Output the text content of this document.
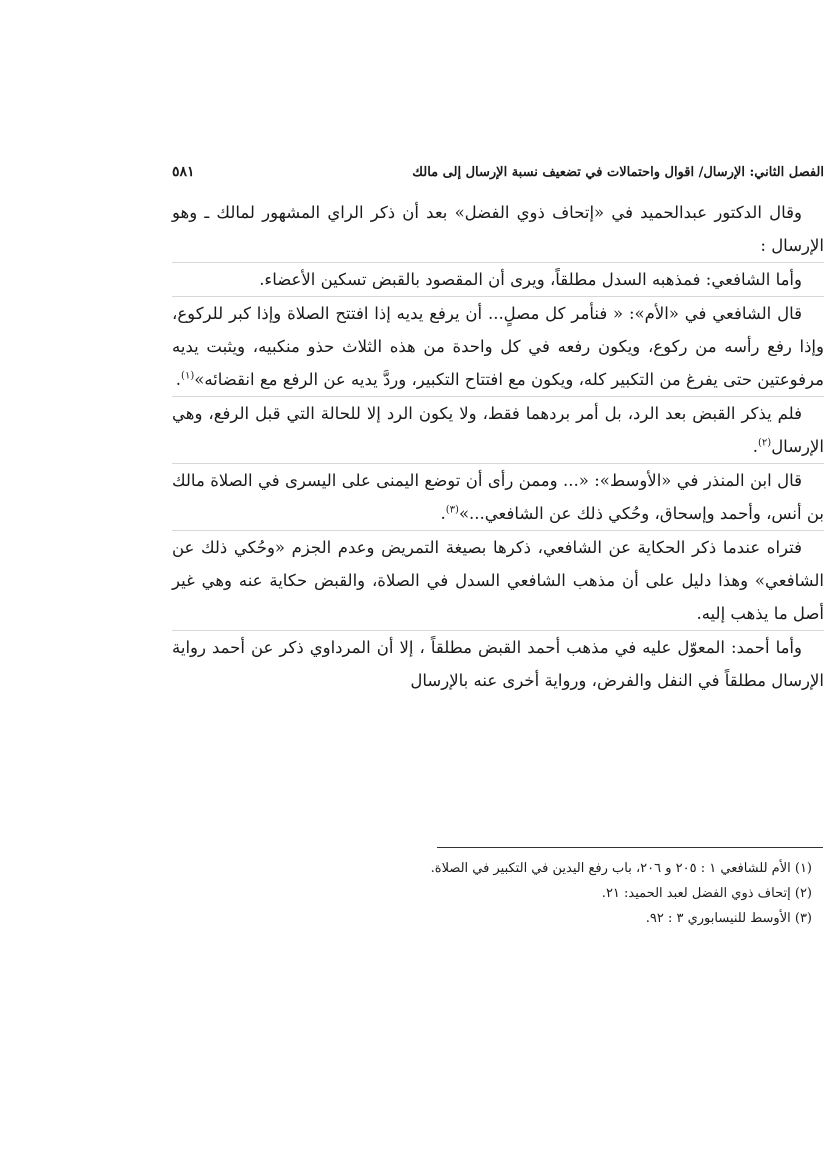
الفصل الثاني: الإرسال/ اقوال واحتمالات في تضعيف نسبة الإرسال إلى مالك
٥٨١

وقال الدكتور عبدالحميد في «إتحاف ذوي الفضل» بعد أن ذكر الراي المشهور لمالك ـ وهو الإرسال :

وأما الشافعي: فمذهبه السدل مطلقاً، ويرى أن المقصود بالقبض تسكين الأعضاء.

قال الشافعي في «الأم»: « فنأمر كل مصلٍ... أن يرفع يديه إذا افتتح الصلاة وإذا كبر للركوع، وإذا رفع رأسه من ركوع، ويكون رفعه في كل واحدة من هذه الثلاث حذو منكبيه، ويثبت يديه مرفوعتين حتى يفرغ من التكبير كله، ويكون مع افتتاح التكبير، وردَّ يديه عن الرفع مع انقضائه»$^{(١)}$.

فلم يذكر القبض بعد الرد، بل أمر بردهما فقط، ولا يكون الرد إلا للحالة التي قبل الرفع، وهي الإرسال$^{(٢)}$.

قال ابن المنذر في «الأوسط»: «... وممن رأى أن توضع اليمنى على اليسرى في الصلاة مالك بن أنس، وأحمد وإسحاق، وحُكي ذلك عن الشافعي...»$^{(٣)}$.

فتراه عندما ذكر الحكاية عن الشافعي، ذكرها بصيغة التمريض وعدم الجزم «وحُكي ذلك عن الشافعي» وهذا دليل على أن مذهب الشافعي السدل في الصلاة، والقبض حكاية عنه وهي غير أصل ما يذهب إليه.

وأما أحمد: المعوّل عليه في مذهب أحمد القبض مطلقاً ، إلا أن المرداوي ذكر عن أحمد رواية الإرسال مطلقاً في النفل والفرض، ورواية أخرى عنه بالإرسال

(١) الأم للشافعي ١ : ٢٠٥ و ٢٠٦، باب رفع اليدين في التكبير في الصلاة.

(٢) إتحاف ذوي الفضل لعبد الحميد: ٢١.

(٣) الأوسط للنيسابوري ٣ : ٩٢.
